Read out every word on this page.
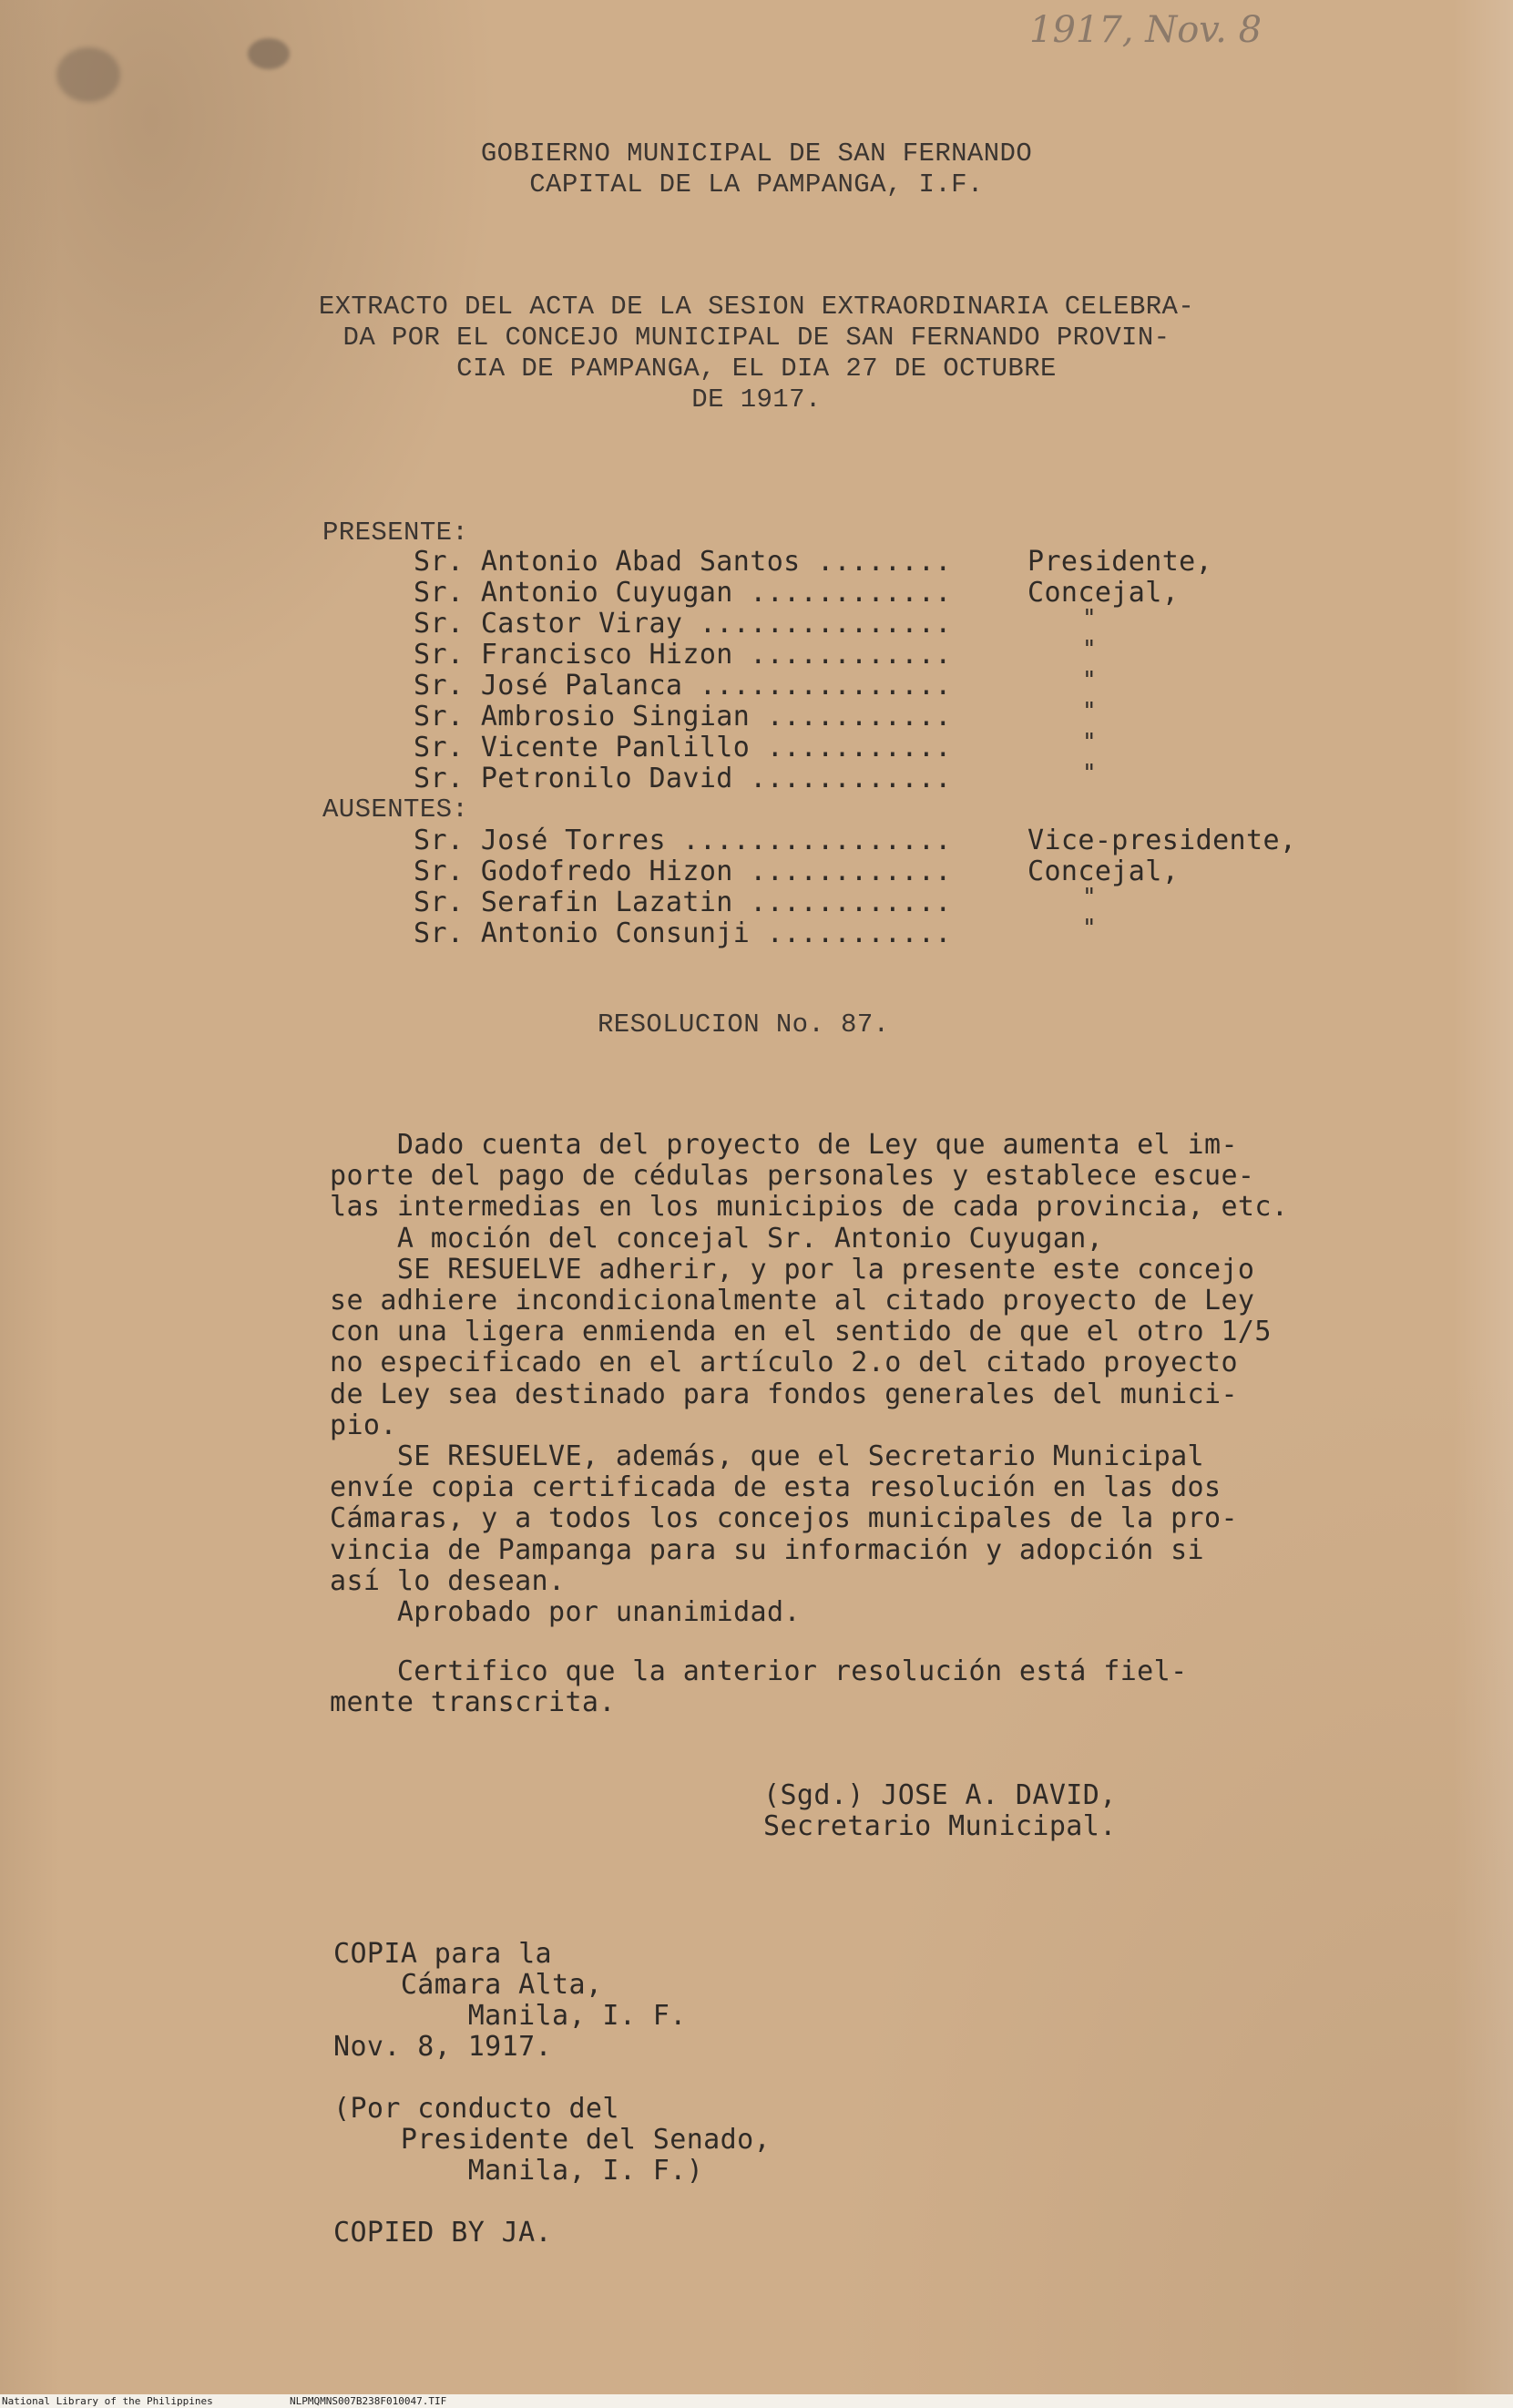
1917, Nov. 8
GOBIERNO MUNICIPAL DE SAN FERNANDO
CAPITAL DE LA PAMPANGA, I.F.
EXTRACTO DEL ACTA DE LA SESION EXTRAORDINARIA CELEBRA-
DA POR EL CONCEJO MUNICIPAL DE SAN FERNANDO PROVIN-
CIA DE PAMPANGA, EL DIA 27 DE OCTUBRE
DE 1917.
PRESENTE:
Sr. Antonio Abad Santos ........	Presidente,
Sr. Antonio Cuyugan ............	Concejal,
Sr. Castor Viray ...............	"
Sr. Francisco Hizon ............	"
Sr. José Palanca ...............	"
Sr. Ambrosio Singian ...........	"
Sr. Vicente Panlillo ...........	"
Sr. Petronilo David ............	"
AUSENTES:
Sr. José Torres ................	Vice-presidente,
Sr. Godofredo Hizon ............	Concejal,
Sr. Serafin Lazatin ............	"
Sr. Antonio Consunji ...........	"
RESOLUCION No. 87.
Dado cuenta del proyecto de Ley que aumenta el im-
porte del pago de cédulas personales y establece escue-
las intermedias en los municipios de cada provincia, etc.
A moción del concejal Sr. Antonio Cuyugan,
SE RESUELVE adherir, y por la presente este concejo
se adhiere incondicionalmente al citado proyecto de Ley
con una ligera enmienda en el sentido de que el otro 1/5
no especificado en el artículo 2.o del citado proyecto
de Ley sea destinado para fondos generales del munici-
pio.
SE RESUELVE, además, que el Secretario Municipal
envíe copia certificada de esta resolución en las dos
Cámaras, y a todos los concejos municipales de la pro-
vincia de Pampanga para su información y adopción si
así lo desean.
Aprobado por unanimidad.
Certifico que la anterior resolución está fiel-
mente transcrita.
(Sgd.) JOSE A. DAVID,
Secretario Municipal.
COPIA para la
Cámara Alta,
Manila, I. F.
Nov. 8, 1917.
(Por conducto del
Presidente del Senado,
Manila, I. F.)
COPIED BY JA.
National Library of the Philippines	NLPMQMNS007B238F010047.TIF
